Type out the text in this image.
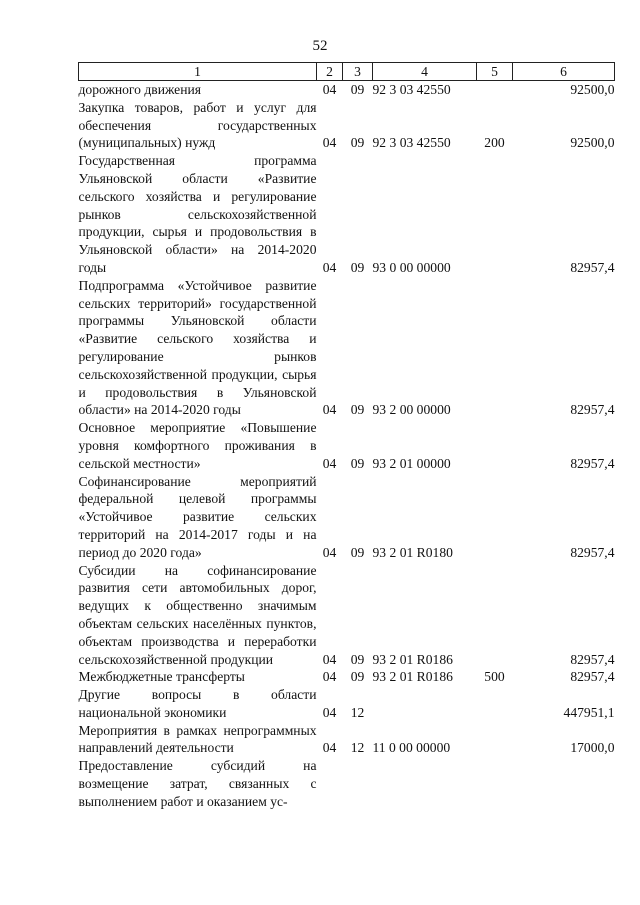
52
1	2	3	4	5	6
дорожного движения	04	09	92 3 03 42550		92500,0
Закупка товаров, работ и услуг для обеспечения государственных (муниципальных) нужд	04	09	92 3 03 42550	200	92500,0
Государственная программа Ульяновской области «Развитие сельского хозяйства и регулирование рынков сельскохозяйственной продукции, сырья и продовольствия в Ульяновской области» на 2014-2020 годы	04	09	93 0 00 00000		82957,4
Подпрограмма «Устойчивое развитие сельских территорий» государственной программы Ульяновской области «Развитие сельского хозяйства и регулирование рынков сельскохозяйственной продукции, сырья и продовольствия в Ульяновской области» на 2014-2020 годы	04	09	93 2 00 00000		82957,4
Основное мероприятие «Повышение уровня комфортного проживания в сельской местности»	04	09	93 2 01 00000		82957,4
Софинансирование мероприятий федеральной целевой программы «Устойчивое развитие сельских территорий на 2014-2017 годы и на период до 2020 года»	04	09	93 2 01 R0180		82957,4
Субсидии на софинансирование развития сети автомобильных дорог, ведущих к общественно значимым объектам сельских населённых пунктов, объектам производства и переработки сельскохозяйственной продукции	04	09	93 2 01 R0186		82957,4
Межбюджетные трансферты	04	09	93 2 01 R0186	500	82957,4
Другие вопросы в области национальной экономики	04	12			447951,1
Мероприятия в рамках непрограммных направлений деятельности	04	12	11 0 00 00000		17000,0
Предоставление субсидий на возмещение затрат, связанных с выполнением работ и оказанием ус-					
